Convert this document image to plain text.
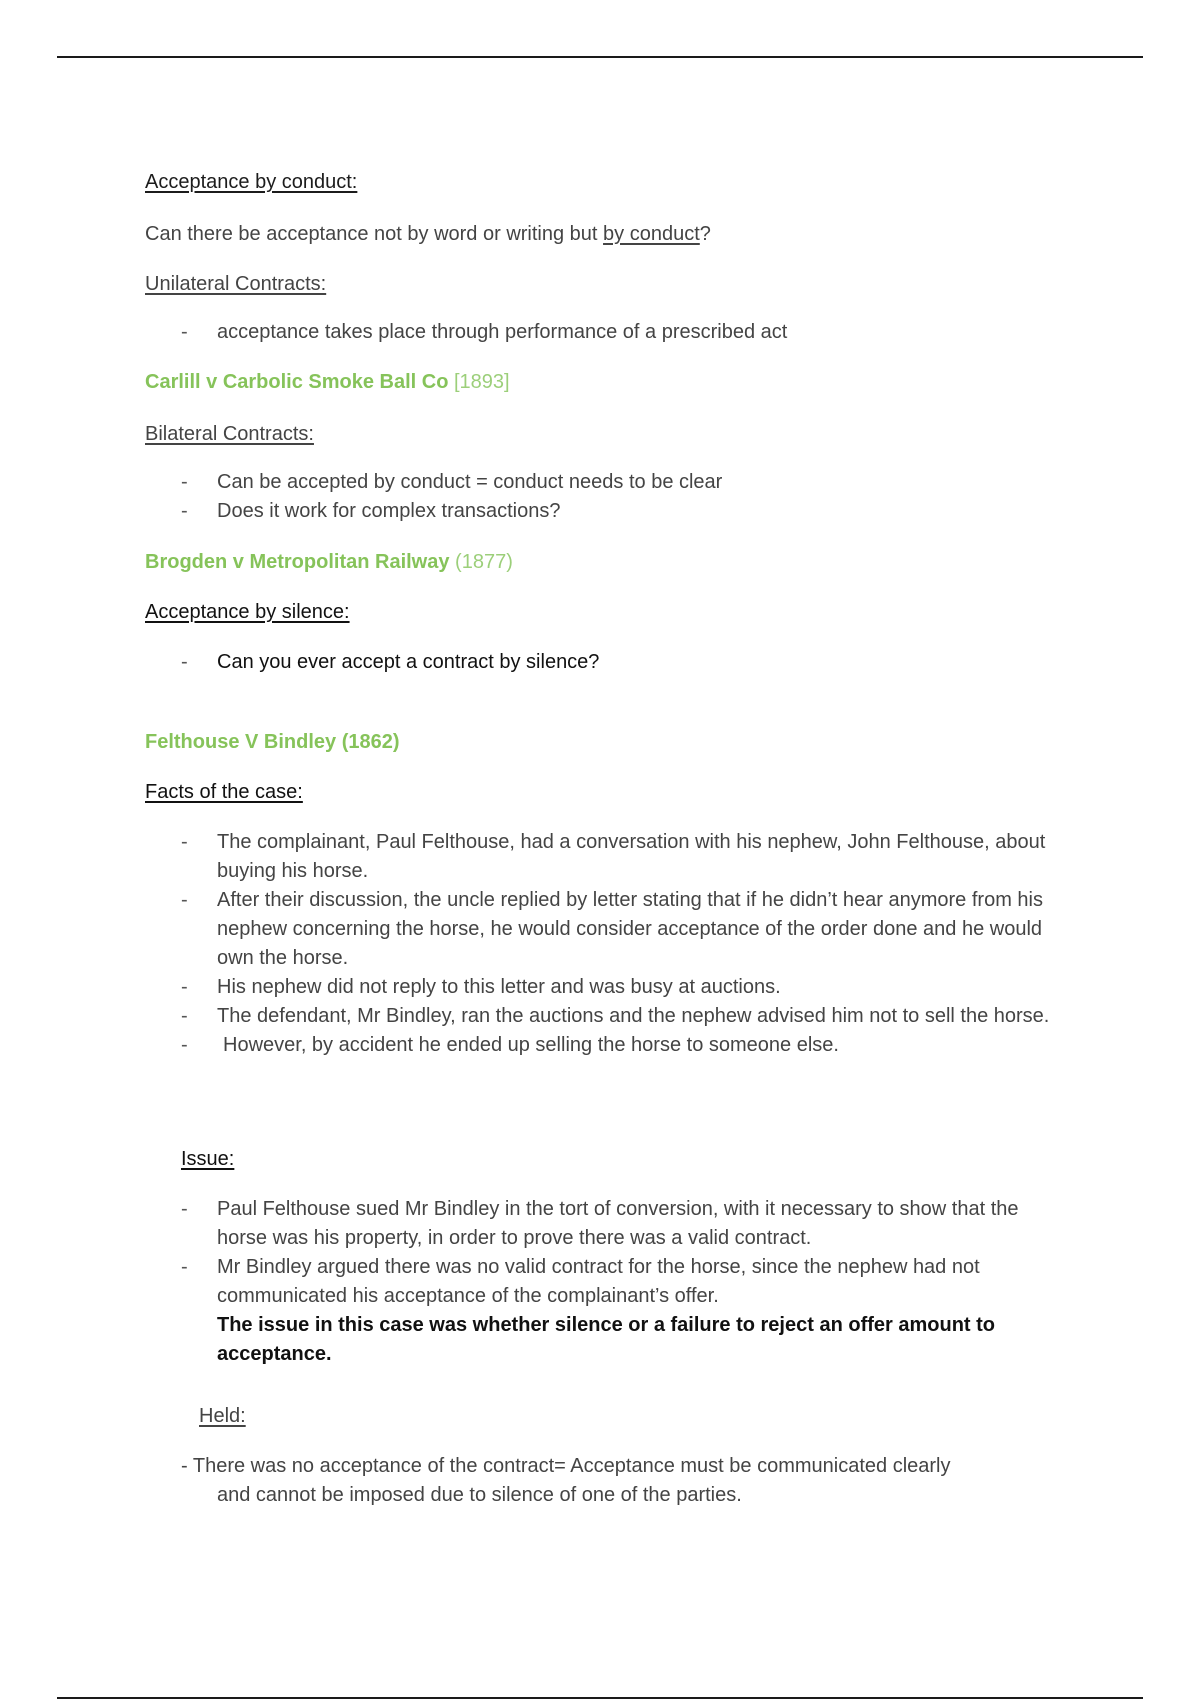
Acceptance by conduct:
Can there be acceptance not by word or writing but by conduct?
Unilateral Contracts:
- acceptance takes place through performance of a prescribed act
Carlill v Carbolic Smoke Ball Co [1893]
Bilateral Contracts:
- Can be accepted by conduct = conduct needs to be clear
- Does it work for complex transactions?
Brogden v Metropolitan Railway (1877)
Acceptance by silence:
- Can you ever accept a contract by silence?
Felthouse V Bindley (1862)
Facts of the case:
- The complainant, Paul Felthouse, had a conversation with his nephew, John Felthouse, about buying his horse.
- After their discussion, the uncle replied by letter stating that if he didn’t hear anymore from his nephew concerning the horse, he would consider acceptance of the order done and he would own the horse.
- His nephew did not reply to this letter and was busy at auctions.
- The defendant, Mr Bindley, ran the auctions and the nephew advised him not to sell the horse.
- However, by accident he ended up selling the horse to someone else.
Issue:
- Paul Felthouse sued Mr Bindley in the tort of conversion, with it necessary to show that the horse was his property, in order to prove there was a valid contract.
- Mr Bindley argued there was no valid contract for the horse, since the nephew had not communicated his acceptance of the complainant’s offer.
The issue in this case was whether silence or a failure to reject an offer amount to acceptance.
Held:
- There was no acceptance of the contract= Acceptance must be communicated clearly
and cannot be imposed due to silence of one of the parties.
